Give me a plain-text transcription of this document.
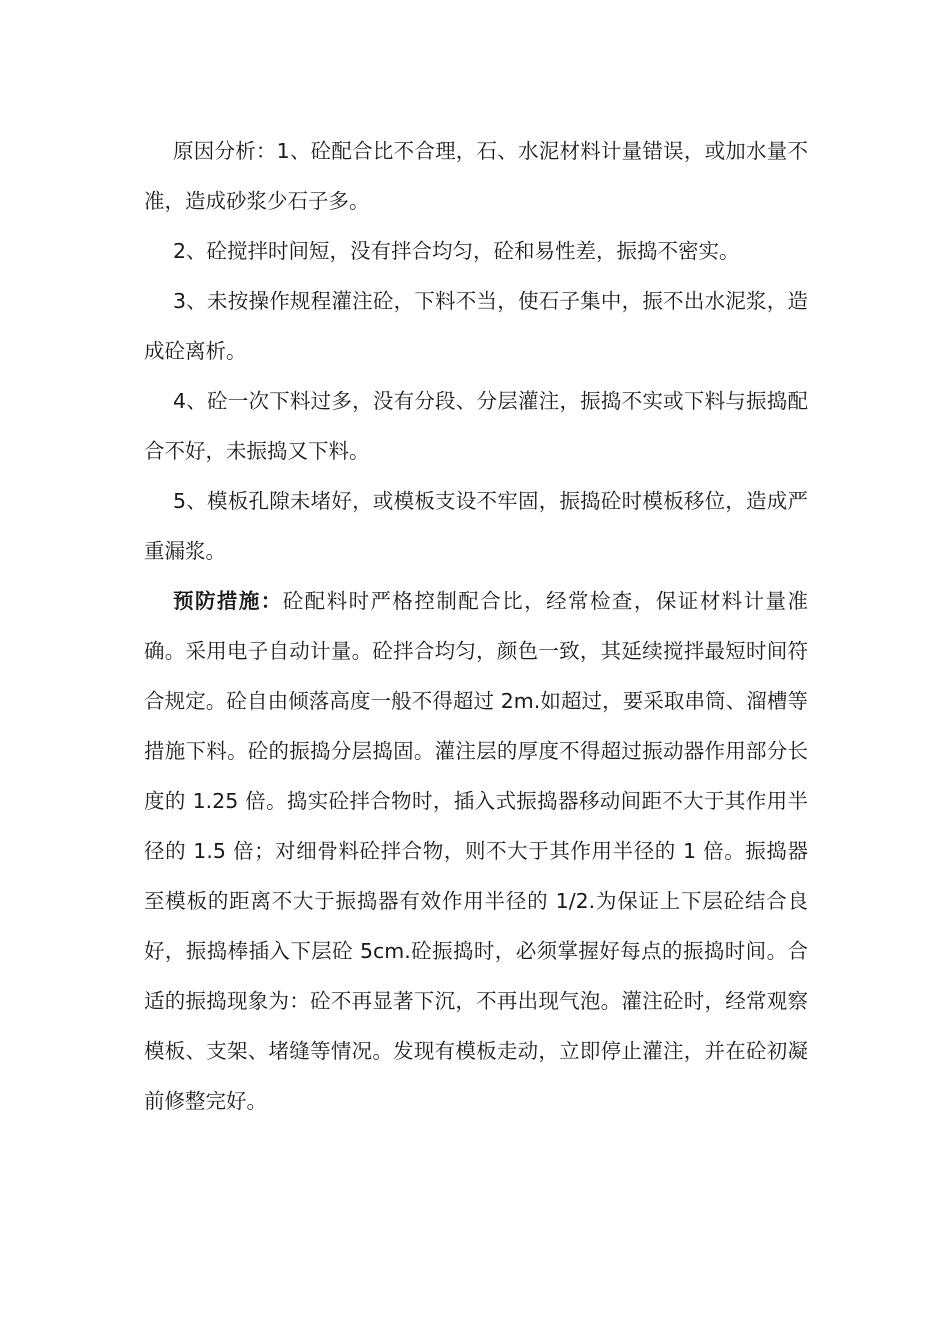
原因分析：1、砼配合比不合理，石、水泥材料计量错误，或加水量不准，造成砂浆少石子多。

2、砼搅拌时间短，没有拌合均匀，砼和易性差，振捣不密实。

3、未按操作规程灌注砼，下料不当，使石子集中，振不出水泥浆，造成砼离析。

4、砼一次下料过多，没有分段、分层灌注，振捣不实或下料与振捣配合不好，未振捣又下料。

5、模板孔隙未堵好，或模板支设不牢固，振捣砼时模板移位，造成严重漏浆。

预防措施：砼配料时严格控制配合比，经常检查，保证材料计量准确。采用电子自动计量。砼拌合均匀，颜色一致，其延续搅拌最短时间符合规定。砼自由倾落高度一般不得超过 2m.如超过，要采取串筒、溜槽等措施下料。砼的振捣分层捣固。灌注层的厚度不得超过振动器作用部分长度的 1.25 倍。捣实砼拌合物时，插入式振捣器移动间距不大于其作用半径的 1.5 倍；对细骨料砼拌合物，则不大于其作用半径的 1 倍。振捣器至模板的距离不大于振捣器有效作用半径的 1/2.为保证上下层砼结合良好，振捣棒插入下层砼 5cm.砼振捣时，必须掌握好每点的振捣时间。合适的振捣现象为：砼不再显著下沉，不再出现气泡。灌注砼时，经常观察模板、支架、堵缝等情况。发现有模板走动，立即停止灌注，并在砼初凝前修整完好。
